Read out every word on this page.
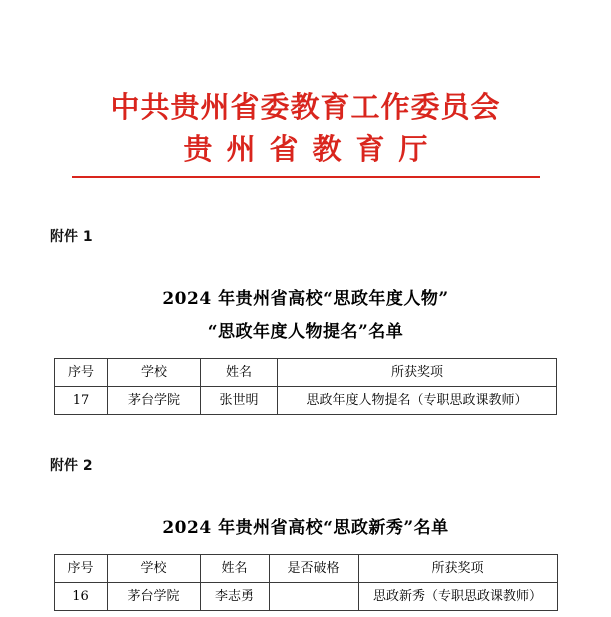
中共贵州省委教育工作委员会
贵州省教育厅
附件 1
2024 年贵州省高校“思政年度人物”
“思政年度人物提名”名单
序号	学校	姓名	所获奖项
17	茅台学院	张世明	思政年度人物提名（专职思政课教师）
附件 2
2024 年贵州省高校“思政新秀”名单
序号	学校	姓名	是否破格	所获奖项
16	茅台学院	李志勇		思政新秀（专职思政课教师）
